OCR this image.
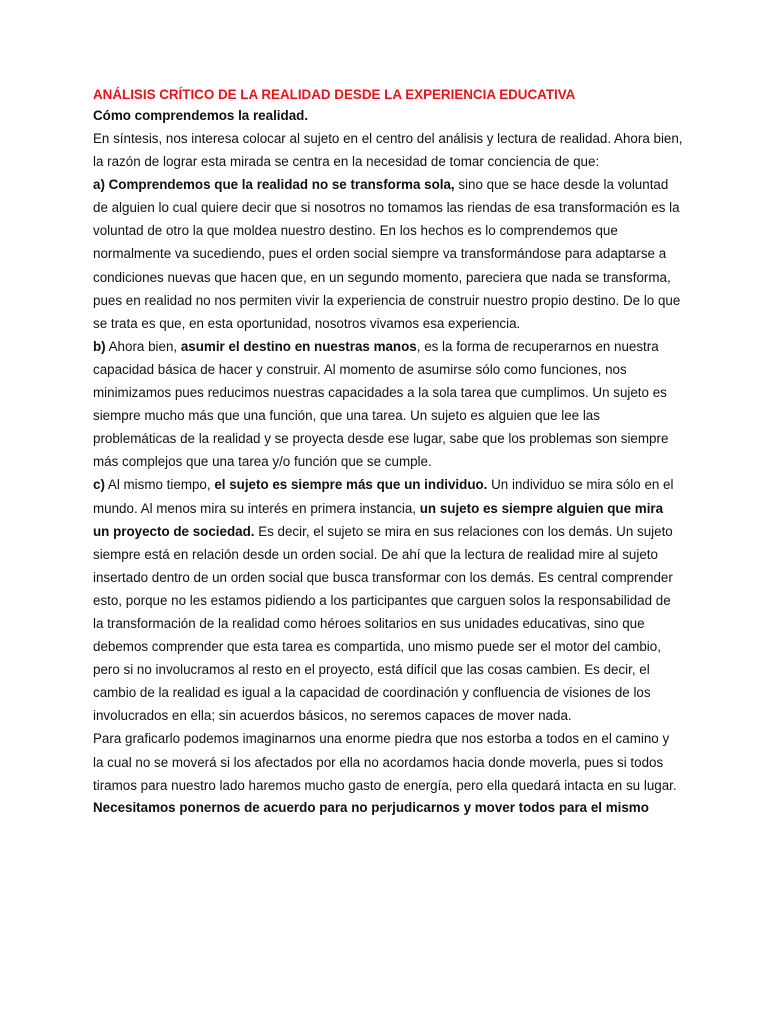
ANÁLISIS CRÍTICO DE LA REALIDAD DESDE LA EXPERIENCIA EDUCATIVA

Cómo comprendemos la realidad.

En síntesis, nos interesa colocar al sujeto en el centro del análisis y lectura de realidad. Ahora bien, la razón de lograr esta mirada se centra en la necesidad de tomar conciencia de que:

a) Comprendemos que la realidad no se transforma sola, sino que se hace desde la voluntad de alguien lo cual quiere decir que si nosotros no tomamos las riendas de esa transformación es la voluntad de otro la que moldea nuestro destino. En los hechos es lo comprendemos que normalmente va sucediendo, pues el orden social siempre va transformándose para adaptarse a condiciones nuevas que hacen que, en un segundo momento, pareciera que nada se transforma, pues en realidad no nos permiten vivir la experiencia de construir nuestro propio destino. De lo que se trata es que, en esta oportunidad, nosotros vivamos esa experiencia.

b) Ahora bien, asumir el destino en nuestras manos, es la forma de recuperarnos en nuestra capacidad básica de hacer y construir. Al momento de asumirse sólo como funciones, nos minimizamos pues reducimos nuestras capacidades a la sola tarea que cumplimos. Un sujeto es siempre mucho más que una función, que una tarea. Un sujeto es alguien que lee las problemáticas de la realidad y se proyecta desde ese lugar, sabe que los problemas son siempre más complejos que una tarea y/o función que se cumple.

c) Al mismo tiempo, el sujeto es siempre más que un individuo. Un individuo se mira sólo en el mundo. Al menos mira su interés en primera instancia, un sujeto es siempre alguien que mira un proyecto de sociedad. Es decir, el sujeto se mira en sus relaciones con los demás. Un sujeto siempre está en relación desde un orden social. De ahí que la lectura de realidad mire al sujeto insertado dentro de un orden social que busca transformar con los demás. Es central comprender esto, porque no les estamos pidiendo a los participantes que carguen solos la responsabilidad de la transformación de la realidad como héroes solitarios en sus unidades educativas, sino que debemos comprender que esta tarea es compartida, uno mismo puede ser el motor del cambio, pero si no involucramos al resto en el proyecto, está difícil que las cosas cambien. Es decir, el cambio de la realidad es igual a la capacidad de coordinación y confluencia de visiones de los involucrados en ella; sin acuerdos básicos, no seremos capaces de mover nada.

Para graficarlo podemos imaginarnos una enorme piedra que nos estorba a todos en el camino y la cual no se moverá si los afectados por ella no acordamos hacia donde moverla, pues si todos tiramos para nuestro lado haremos mucho gasto de energía, pero ella quedará intacta en su lugar.

Necesitamos ponernos de acuerdo para no perjudicarnos y mover todos para el mismo
